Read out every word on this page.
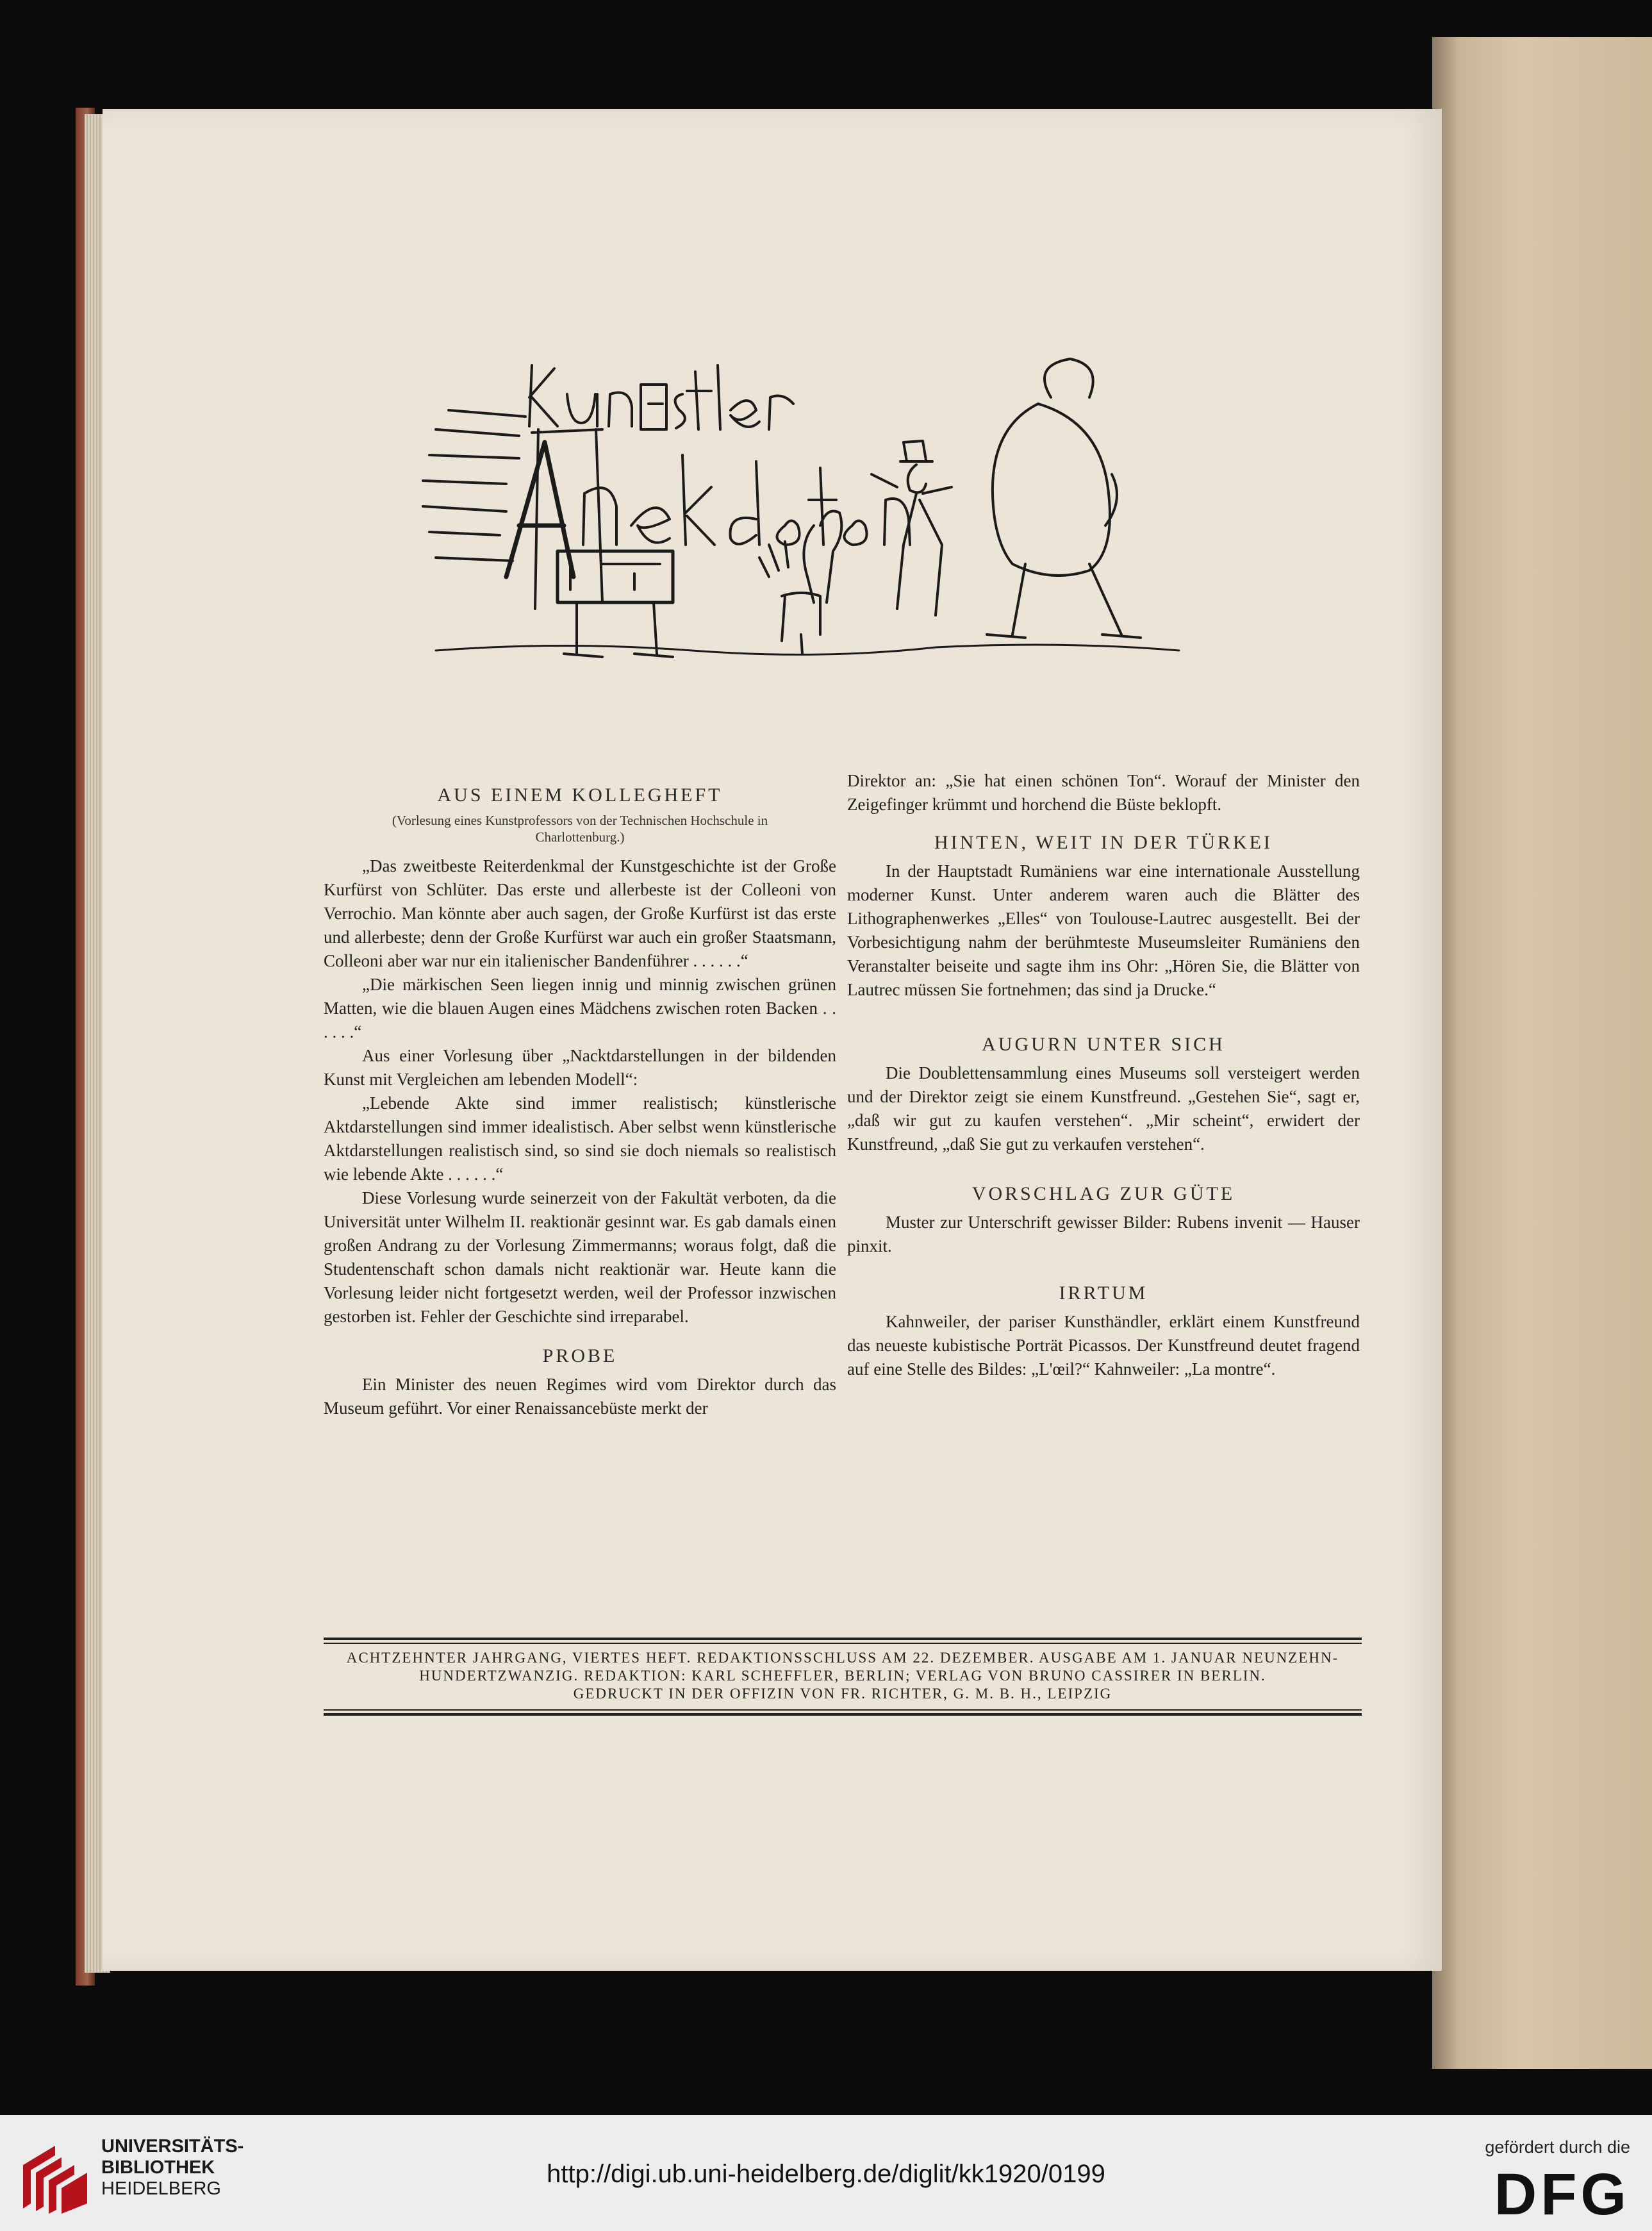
AUS EINEM KOLLEGHEFT
(Vorlesung eines Kunstprofessors von der Technischen Hochschule in Charlottenburg.)

„Das zweitbeste Reiterdenkmal der Kunstgeschichte ist der Große Kurfürst von Schlüter. Das erste und allerbeste ist der Colleoni von Verrochio. Man könnte aber auch sagen, der Große Kurfürst ist das erste und allerbeste; denn der Große Kurfürst war auch ein großer Staatsmann, Colleoni aber war nur ein italienischer Bandenführer . . . . . .“

„Die märkischen Seen liegen innig und minnig zwischen grünen Matten, wie die blauen Augen eines Mädchens zwischen roten Backen . . . . . .“

Aus einer Vorlesung über „Nacktdarstellungen in der bildenden Kunst mit Vergleichen am lebenden Modell“:

„Lebende Akte sind immer realistisch; künstlerische Aktdarstellungen sind immer idealistisch. Aber selbst wenn künstlerische Aktdarstellungen realistisch sind, so sind sie doch niemals so realistisch wie lebende Akte . . . . . .“

Diese Vorlesung wurde seinerzeit von der Fakultät verboten, da die Universität unter Wilhelm II. reaktionär gesinnt war. Es gab damals einen großen Andrang zu der Vorlesung Zimmermanns; woraus folgt, daß die Studentenschaft schon damals nicht reaktionär war. Heute kann die Vorlesung leider nicht fortgesetzt werden, weil der Professor inzwischen gestorben ist. Fehler der Geschichte sind irreparabel.

PROBE

Ein Minister des neuen Regimes wird vom Direktor durch das Museum geführt. Vor einer Renaissancebüste merkt der

Direktor an: „Sie hat einen schönen Ton“. Worauf der Minister den Zeigefinger krümmt und horchend die Büste beklopft.

HINTEN, WEIT IN DER TÜRKEI

In der Hauptstadt Rumäniens war eine internationale Ausstellung moderner Kunst. Unter anderem waren auch die Blätter des Lithographenwerkes „Elles“ von Toulouse-Lautrec ausgestellt. Bei der Vorbesichtigung nahm der berühmteste Museumsleiter Rumäniens den Veranstalter beiseite und sagte ihm ins Ohr: „Hören Sie, die Blätter von Lautrec müssen Sie fortnehmen; das sind ja Drucke.“

AUGURN UNTER SICH

Die Doublettensammlung eines Museums soll versteigert werden und der Direktor zeigt sie einem Kunstfreund. „Gestehen Sie“, sagt er, „daß wir gut zu kaufen verstehen“. „Mir scheint“, erwidert der Kunstfreund, „daß Sie gut zu verkaufen verstehen“.

VORSCHLAG ZUR GÜTE

Muster zur Unterschrift gewisser Bilder: Rubens invenit — Hauser pinxit.

IRRTUM

Kahnweiler, der pariser Kunsthändler, erklärt einem Kunstfreund das neueste kubistische Porträt Picassos. Der Kunstfreund deutet fragend auf eine Stelle des Bildes: „L'œil?“ Kahnweiler: „La montre“.

ACHTZEHNTER JAHRGANG, VIERTES HEFT. REDAKTIONSSCHLUSS AM 22. DEZEMBER. AUSGABE AM 1. JANUAR NEUNZEHN-
HUNDERTZWANZIG. REDAKTION: KARL SCHEFFLER, BERLIN; VERLAG VON BRUNO CASSIRER IN BERLIN.
GEDRUCKT IN DER OFFIZIN VON FR. RICHTER, G. M. B. H., LEIPZIG
UNIVERSITÄTS-
BIBLIOTHEK
HEIDELBERG
http://digi.ub.uni-heidelberg.de/diglit/kk1920/0199
gefördert durch die
DFG
